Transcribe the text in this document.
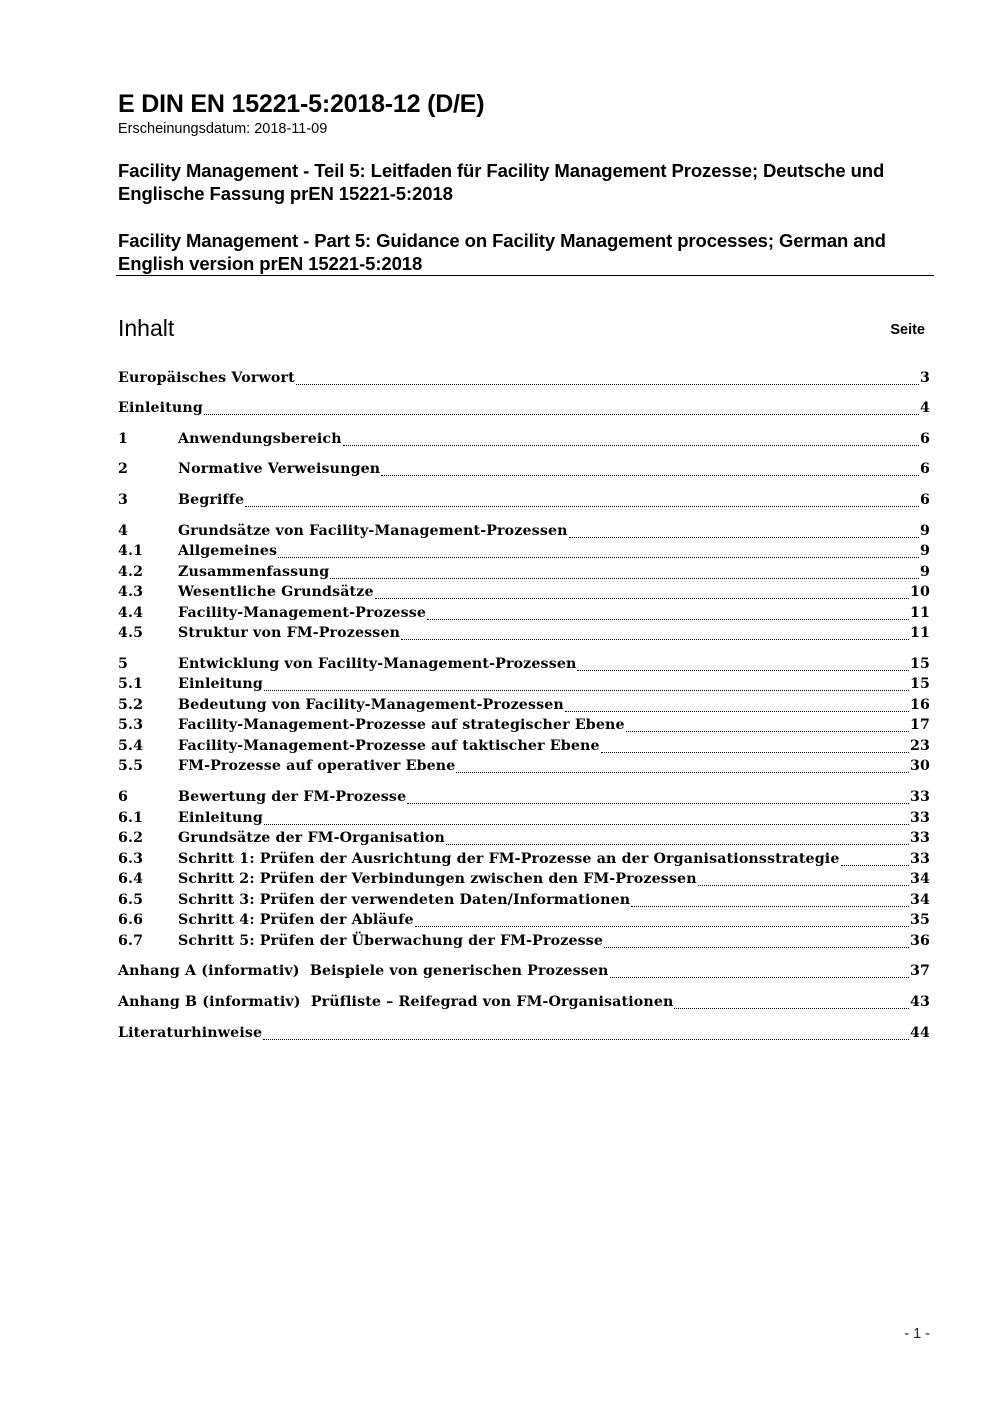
E DIN EN 15221-5:2018-12 (D/E)
Erscheinungsdatum: 2018-11-09
Facility Management - Teil 5: Leitfaden für Facility Management Prozesse; Deutsche und Englische Fassung prEN 15221-5:2018
Facility Management - Part 5: Guidance on Facility Management processes; German and English version prEN 15221-5:2018
Inhalt	Seite
Europäisches Vorwort	3
Einleitung	4
1	Anwendungsbereich	6
2	Normative Verweisungen	6
3	Begriffe	6
4	Grundsätze von Facility-Management-Prozessen	9
4.1	Allgemeines	9
4.2	Zusammenfassung	9
4.3	Wesentliche Grundsätze	10
4.4	Facility-Management-Prozesse	11
4.5	Struktur von FM-Prozessen	11
5	Entwicklung von Facility-Management-Prozessen	15
5.1	Einleitung	15
5.2	Bedeutung von Facility-Management-Prozessen	16
5.3	Facility-Management-Prozesse auf strategischer Ebene	17
5.4	Facility-Management-Prozesse auf taktischer Ebene	23
5.5	FM-Prozesse auf operativer Ebene	30
6	Bewertung der FM-Prozesse	33
6.1	Einleitung	33
6.2	Grundsätze der FM-Organisation	33
6.3	Schritt 1: Prüfen der Ausrichtung der FM-Prozesse an der Organisationsstrategie	33
6.4	Schritt 2: Prüfen der Verbindungen zwischen den FM-Prozessen	34
6.5	Schritt 3: Prüfen der verwendeten Daten/Informationen	34
6.6	Schritt 4: Prüfen der Abläufe	35
6.7	Schritt 5: Prüfen der Überwachung der FM-Prozesse	36
Anhang A (informativ)  Beispiele von generischen Prozessen	37
Anhang B (informativ)  Prüfliste – Reifegrad von FM-Organisationen	43
Literaturhinweise	44
- 1 -
